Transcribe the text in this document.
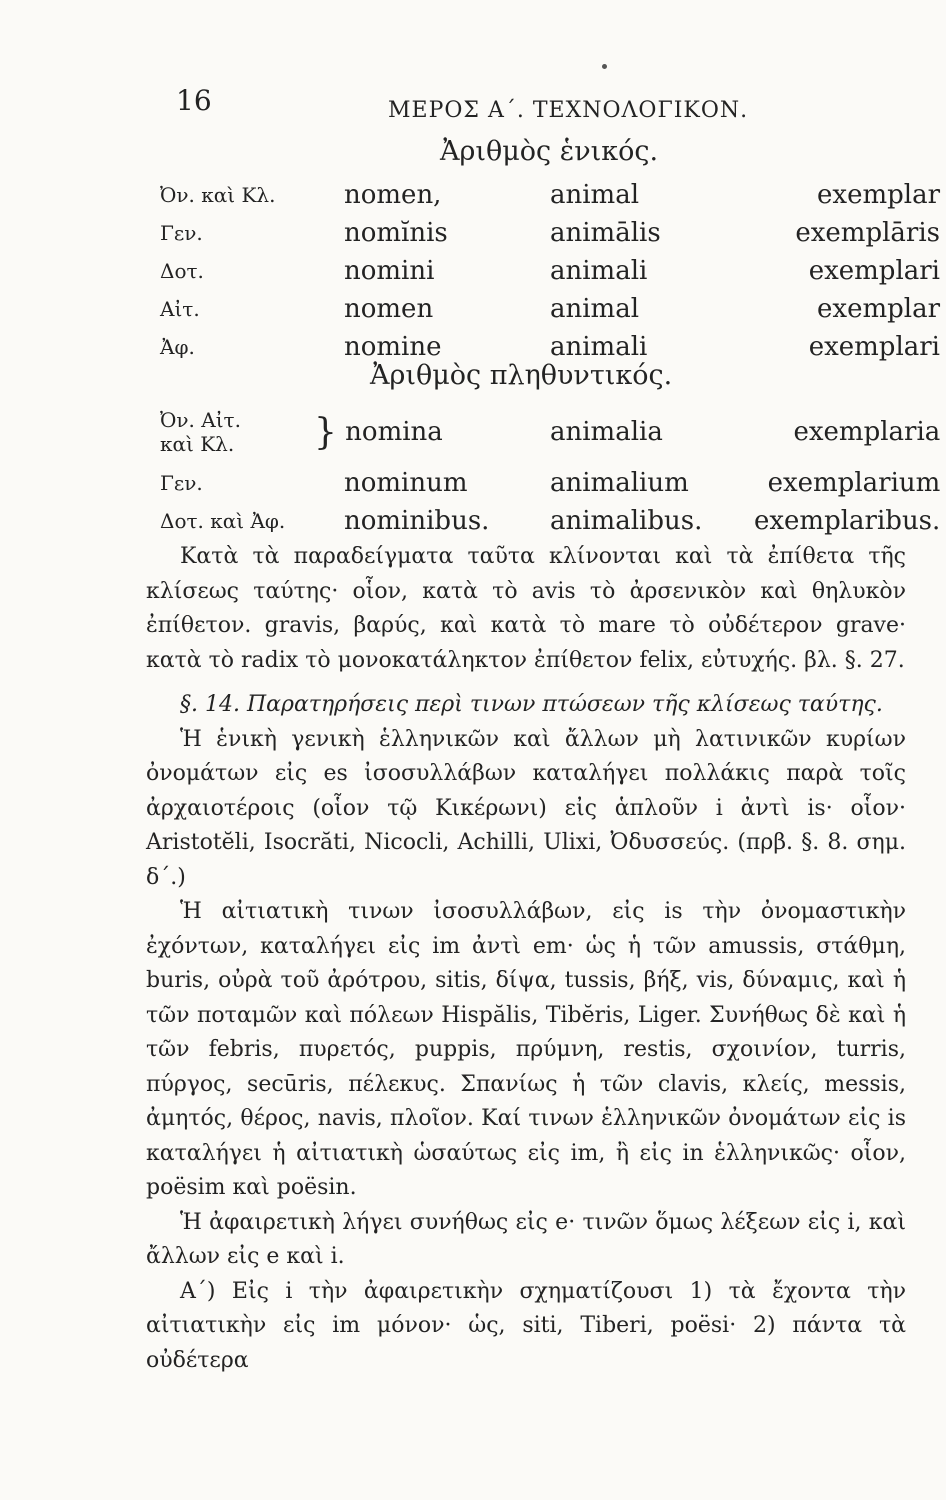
16	ΜΕΡΟΣ Α΄. ΤΕΧΝΟΛΟΓΙΚΟΝ.
Ἀριθμὸς ἑνικός.
Ὀν. καὶ Κλ.	nomen,	animal	exemplar
Γεν.	nomĭnis	animālis	exemplāris
Δοτ.	nomini	animali	exemplari
Αἰτ.	nomen	animal	exemplar
Ἀφ.	nomine	animali	exemplari
Ἀριθμὸς πληθυντικός.
Ὀν. Αἰτ.
καὶ Κλ.	} nomina	animalia	exemplaria
Γεν.	nominum	animalium	exemplarium
Δοτ. καὶ Ἀφ.	nominibus.	animalibus.	exemplaribus.

Κατὰ τὰ παραδείγματα ταῦτα κλίνονται καὶ τὰ ἐπίθετα τῆς κλίσεως ταύτης· οἷον, κατὰ τὸ avis τὸ ἀρσενικὸν καὶ θηλυκὸν ἐπίθετον. gravis, βαρύς, καὶ κατὰ τὸ mare τὸ οὐδέτερον grave· κατὰ τὸ radix τὸ μονοκατάληκτον ἐπίθετον felix, εὐτυχής. βλ. §. 27.

§. 14. Παρατηρήσεις περὶ τινων πτώσεων τῆς κλίσεως ταύτης.

Ἡ ἑνικὴ γενικὴ ἑλληνικῶν καὶ ἄλλων μὴ λατινικῶν κυρίων ὀνομάτων εἰς es ἰσοσυλλάβων καταλήγει πολλάκις παρὰ τοῖς ἀρχαιοτέροις (οἷον τῷ Κικέρωνι) εἰς ἁπλοῦν i ἀντὶ is· οἷον· Aristotĕli, Isocrăti, Nicocli, Achilli, Ulixi, Ὀδυσσεύς. (πρβ. §. 8. σημ. δ΄.)

Ἡ αἰτιατικὴ τινων ἰσοσυλλάβων, εἰς is τὴν ὀνομαστικὴν ἐχόντων, καταλήγει εἰς im ἀντὶ em· ὡς ἡ τῶν amussis, στάθμη, buris, οὐρὰ τοῦ ἀρότρου, sitis, δίψα, tussis, βήξ, vis, δύναμις, καὶ ἡ τῶν ποταμῶν καὶ πόλεων Hispălis, Tibĕris, Liger. Συνήθως δὲ καὶ ἡ τῶν febris, πυρετός, puppis, πρύμνη, restis, σχοινίον, turris, πύργος, secūris, πέλεκυς. Σπανίως ἡ τῶν clavis, κλείς, messis, ἀμητός, θέρος, navis, πλοῖον. Καί τινων ἑλληνικῶν ὀνομάτων εἰς is καταλήγει ἡ αἰτιατικὴ ὡσαύτως εἰς im, ἢ εἰς in ἑλληνικῶς· οἷον, poësim καὶ poësin.

Ἡ ἀφαιρετικὴ λήγει συνήθως εἰς e· τινῶν ὅμως λέξεων εἰς i, καὶ ἄλλων εἰς e καὶ i.

Α΄) Εἰς i τὴν ἀφαιρετικὴν σχηματίζουσι 1) τὰ ἔχοντα τὴν αἰτιατικὴν εἰς im μόνον· ὡς, siti, Tiberi, poësi· 2) πάντα τὰ οὐδέτερα
